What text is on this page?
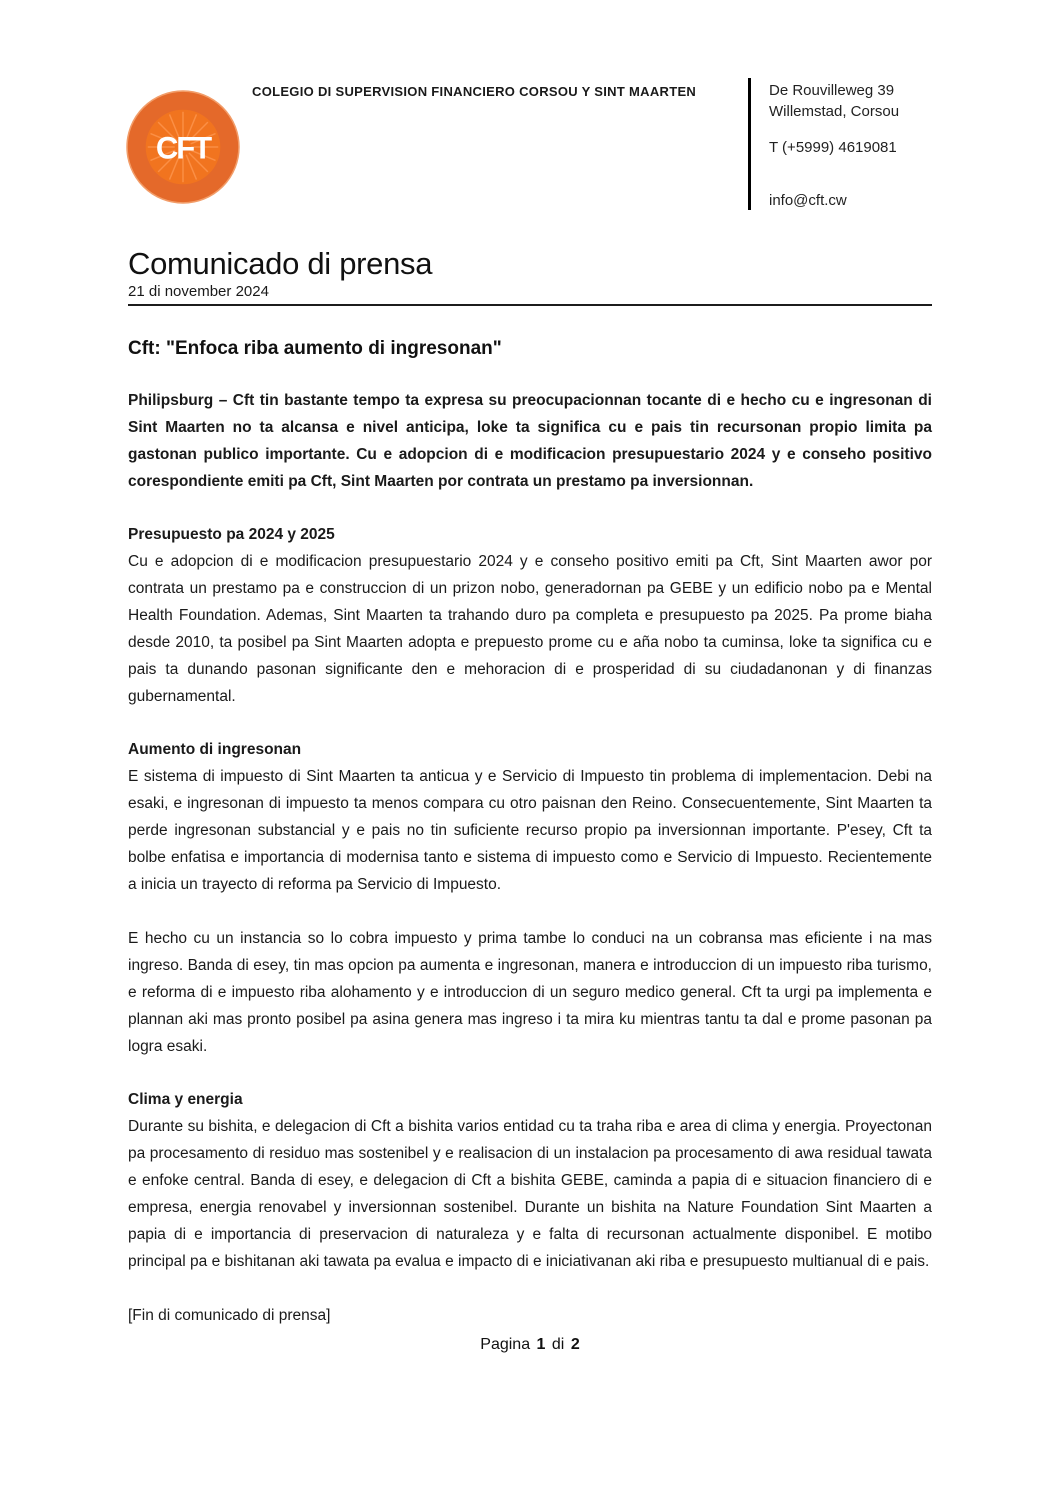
CFT
COLEGIO DI SUPERVISION FINANCIERO CORSOU Y SINT MAARTEN	De Rouvilleweg 39
Willemstad, Corsou
T (+5999) 4619081
info@cft.cw
Comunicado di prensa
21 di november 2024
Cft: "Enfoca riba aumento di ingresonan"

Philipsburg – Cft tin bastante tempo ta expresa su preocupacionnan tocante di e hecho cu e ingresonan di Sint Maarten no ta alcansa e nivel anticipa, loke ta significa cu e pais tin recursonan propio limita pa gastonan publico importante. Cu e adopcion di e modificacion presupuestario 2024 y e conseho positivo corespondiente emiti pa Cft, Sint Maarten por contrata un prestamo pa inversionnan.

Presupuesto pa 2024 y 2025

Cu e adopcion di e modificacion presupuestario 2024 y e conseho positivo emiti pa Cft, Sint Maarten awor por contrata un prestamo pa e construccion di un prizon nobo, generadornan pa GEBE y un edificio nobo pa e Mental Health Foundation. Ademas, Sint Maarten ta trahando duro pa completa e presupuesto pa 2025. Pa prome biaha desde 2010, ta posibel pa Sint Maarten adopta e prepuesto prome cu e aña nobo ta cuminsa, loke ta significa cu e pais ta dunando pasonan significante den e mehoracion di e prosperidad di su ciudadanonan y di finanzas gubernamental.

Aumento di ingresonan

E sistema di impuesto di Sint Maarten ta anticua y e Servicio di Impuesto tin problema di implementacion. Debi na esaki, e ingresonan di impuesto ta menos compara cu otro paisnan den Reino. Consecuentemente, Sint Maarten ta perde ingresonan substancial y e pais no tin suficiente recurso propio pa inversionnan importante. P'esey, Cft ta bolbe enfatisa e importancia di modernisa tanto e sistema di impuesto como e Servicio di Impuesto. Recientemente a inicia un trayecto di reforma pa Servicio di Impuesto.

E hecho cu un instancia so lo cobra impuesto y prima tambe lo conduci na un cobransa mas eficiente i na mas ingreso. Banda di esey, tin mas opcion pa aumenta e ingresonan, manera e introduccion di un impuesto riba turismo, e reforma di e impuesto riba alohamento y e introduccion di un seguro medico general. Cft ta urgi pa implementa e plannan aki mas pronto posibel pa asina genera mas ingreso i ta mira ku mientras tantu ta dal e prome pasonan pa logra esaki.

Clima y energia

Durante su bishita, e delegacion di Cft a bishita varios entidad cu ta traha riba e area di clima y energia. Proyectonan pa procesamento di residuo mas sostenibel y e realisacion di un instalacion pa procesamento di awa residual tawata e enfoke central. Banda di esey, e delegacion di Cft a bishita GEBE, caminda a papia di e situacion financiero di e empresa, energia renovabel y inversionnan sostenibel. Durante un bishita na Nature Foundation Sint Maarten a papia di e importancia di preservacion di naturaleza y e falta di recursonan actualmente disponibel. E motibo principal pa e bishitanan aki tawata pa evalua e impacto di e iniciativanan aki riba e presupuesto multianual di e pais.

[Fin di comunicado di prensa]

Pagina 1 di 2
